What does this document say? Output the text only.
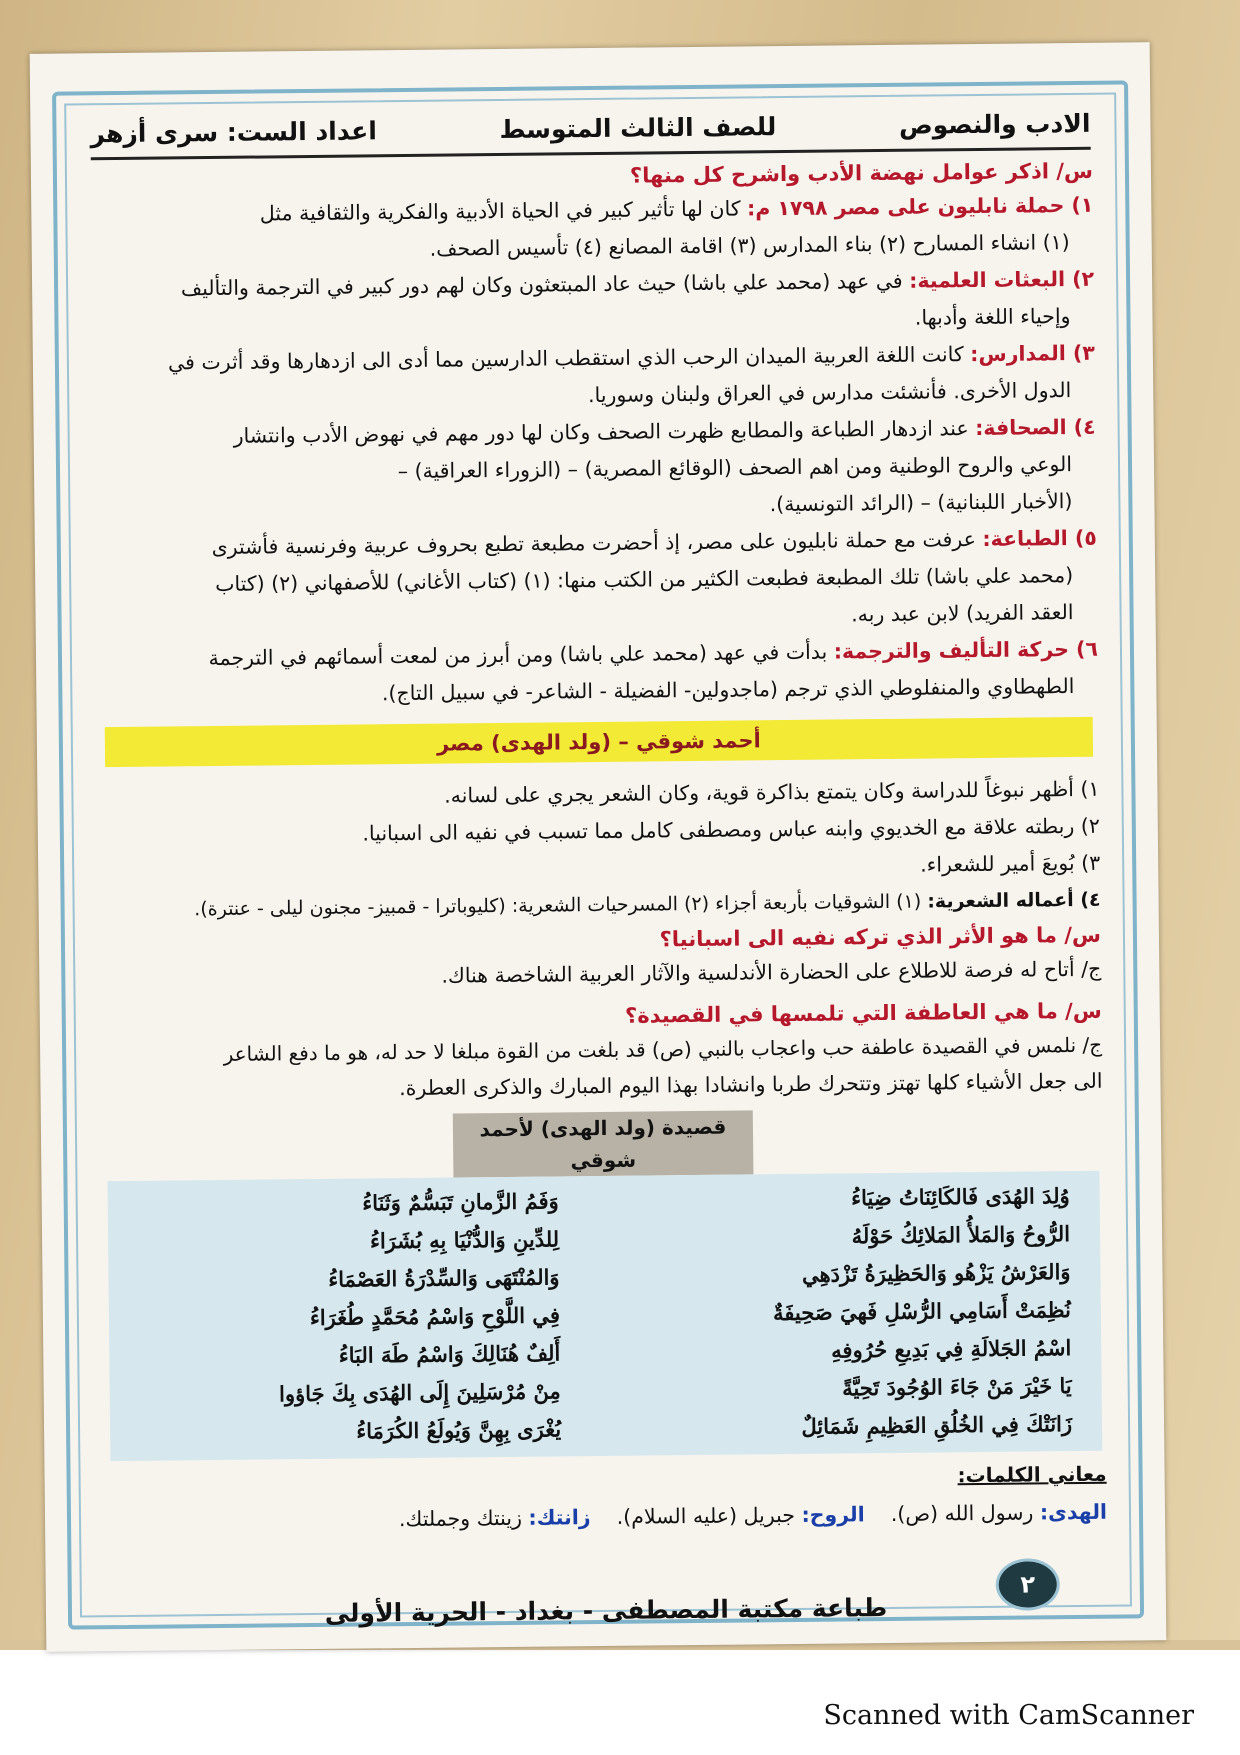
Scanned with CamScanner
الادب والنصوص
للصف الثالث المتوسط
اعداد الست: سرى أزهر

س/ اذكر عوامل نهضة الأدب واشرح كل منها؟

١) حملة نابليون على مصر ١٧٩٨ م: كان لها تأثير كبير في الحياة الأدبية والفكرية والثقافية مثل

(١) انشاء المسارح (٢) بناء المدارس (٣) اقامة المصانع (٤) تأسيس الصحف.

٢) البعثات العلمية: في عهد (محمد علي باشا) حيث عاد المبتعثون وكان لهم دور كبير في الترجمة والتأليف

وإحياء اللغة وأدبها.

٣) المدارس: كانت اللغة العربية الميدان الرحب الذي استقطب الدارسين مما أدى الى ازدهارها وقد أثرت في

الدول الأخرى. فأنشئت مدارس في العراق ولبنان وسوريا.

٤) الصحافة: عند ازدهار الطباعة والمطابع ظهرت الصحف وكان لها دور مهم في نهوض الأدب وانتشار

الوعي والروح الوطنية ومن اهم الصحف (الوقائع المصرية) – (الزوراء العراقية) –

(الأخبار اللبنانية) – (الرائد التونسية).

٥) الطباعة: عرفت مع حملة نابليون على مصر، إذ أحضرت مطبعة تطبع بحروف عربية وفرنسية فأشترى

(محمد علي باشا) تلك المطبعة فطبعت الكثير من الكتب منها: (١) (كتاب الأغاني) للأصفهاني (٢) (كتاب

العقد الفريد) لابن عبد ربه.

٦) حركة التأليف والترجمة: بدأت في عهد (محمد علي باشا) ومن أبرز من لمعت أسمائهم في الترجمة

الطهطاوي والمنفلوطي الذي ترجم (ماجدولين- الفضيلة - الشاعر- في سبيل التاج).

أحمد شوقي – (ولد الهدى) مصر

١) أظهر نبوغاً للدراسة وكان يتمتع بذاكرة قوية، وكان الشعر يجري على لسانه.

٢) ربطته علاقة مع الخديوي وابنه عباس ومصطفى كامل مما تسبب في نفيه الى اسبانيا.

٣) بُويعَ أمير للشعراء.

٤) أعماله الشعرية: (١) الشوقيات بأربعة أجزاء (٢) المسرحيات الشعرية: (كليوباترا - قمبيز- مجنون ليلى - عنترة).

س/ ما هو الأثر الذي تركه نفيه الى اسبانيا؟

ج/ أتاح له فرصة للاطلاع على الحضارة الأندلسية والآثار العربية الشاخصة هناك.

س/ ما هي العاطفة التي تلمسها في القصيدة؟

ج/ نلمس في القصيدة عاطفة حب واعجاب بالنبي (ص) قد بلغت من القوة مبلغا لا حد له، هو ما دفع الشاعر

الى جعل الأشياء كلها تهتز وتتحرك طربا وانشادا بهذا اليوم المبارك والذكرى العطرة.

قصيدة (ولد الهدى) لأحمد شوقي
وُلِدَ الهُدَى فَالكَائِنَاتُ ضِيَاءُ
وَفَمُ الزَّمانِ تَبَسُّمٌ وَثَنَاءُ
الرُّوحُ وَالمَلأُ المَلائِكُ حَوْلَهُ
لِلدِّينِ وَالدُّنْيَا بِهِ بُشَرَاءُ
وَالعَرْشُ يَزْهُو وَالحَظِيرَةُ تَزْدَهِي
وَالمُنْتَهَى وَالسِّدْرَةُ العَصْمَاءُ
نُظِمَتْ أَسَامِي الرُّسْلِ فَهيَ صَحِيفَةٌ
فِي اللَّوْحِ وَاسْمُ مُحَمَّدٍ طُغَرَاءُ
اسْمُ الجَلالَةِ فِي بَدِيعِ حُرُوفِهِ
أَلِفٌ هُنَالِكَ وَاسْمُ طَهَ البَاءُ
يَا خَيْرَ مَنْ جَاءَ الوُجُودَ تَحِيَّةً
مِنْ مُرْسَلِينَ إِلَى الهُدَى بِكَ جَاؤوا
زَانَتْكَ فِي الخُلُقِ العَظِيمِ شَمَائِلٌ
يُغْرَى بِهِنَّ وَيُولَعُ الكُرَمَاءُ

معاني الكلمات:

الهدى: رسول الله (ص).    الروح: جبريل (عليه السلام).    زانتك: زينتك وجملتك.

٢
طباعة مكتبة المصطفى - بغداد - الحرية الأولى
